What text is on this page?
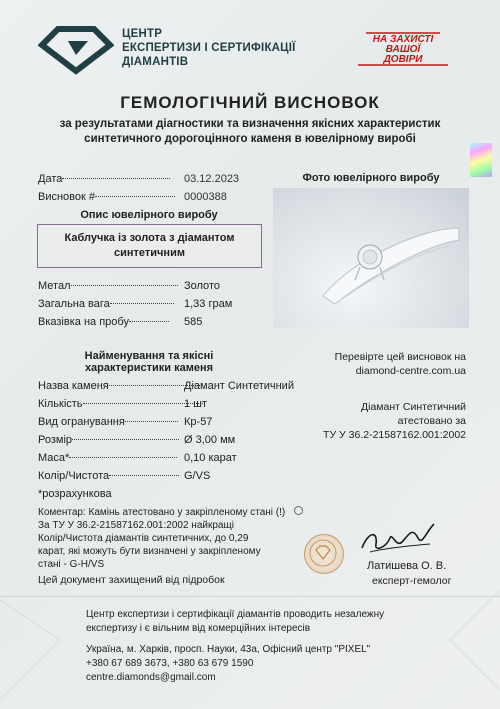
ЦЕНТР
ЕКСПЕРТИЗИ І СЕРТИФІКАЦІЇ
ДІАМАНТІВ
НА ЗАХИСТІ
ВАШОЇ
ДОВІРИ
ГЕМОЛОГІЧНИЙ ВИСНОВОК
за результатами діагностики та визначення якісних характеристик
синтетичного дорогоцінного каменя в ювелірному виробі
Дата	03.12.2023
Висновок #	0000388
Фото ювелірного виробу
Опис ювелірного виробу
Каблучка із золота з діамантом
синтетичним
Метал	Золото
Загальна вага	1,33 грам
Вказівка на пробу	585
Перевірте цей висновок на
diamond-centre.com.ua
Найменування та якісні
характеристики каменя
Назва каменя	Діамант Синтетичний
Кількість	1 шт
Вид огранування	Кр-57
Розмір	Ø 3,00 мм
Маса*	0,10 карат
Колір/Чистота	G/VS
*розрахункова
Діамант Синтетичний
атестовано за
ТУ У 36.2-21587162.001:2002
Коментар: Камінь атестовано у закріпленому стані (!)
За ТУ У 36.2-21587162.001:2002 найкращі
Колір/Чистота діамантів синтетичних, до 0,29
карат, які можуть бути визначені у закріпленому
стані - G-H/VS	Латишева О. В.
експерт-гемолог
Цей документ захищений від підробок
Центр експертизи і сертифікації діамантів проводить незалежну
експертизу і є вільним від комерційних інтересів
Україна, м. Харків, просп. Науки, 43а, Офісний центр "PIXEL"
+380 67 689 3673, +380 63 679 1590
centre.diamonds@gmail.com
